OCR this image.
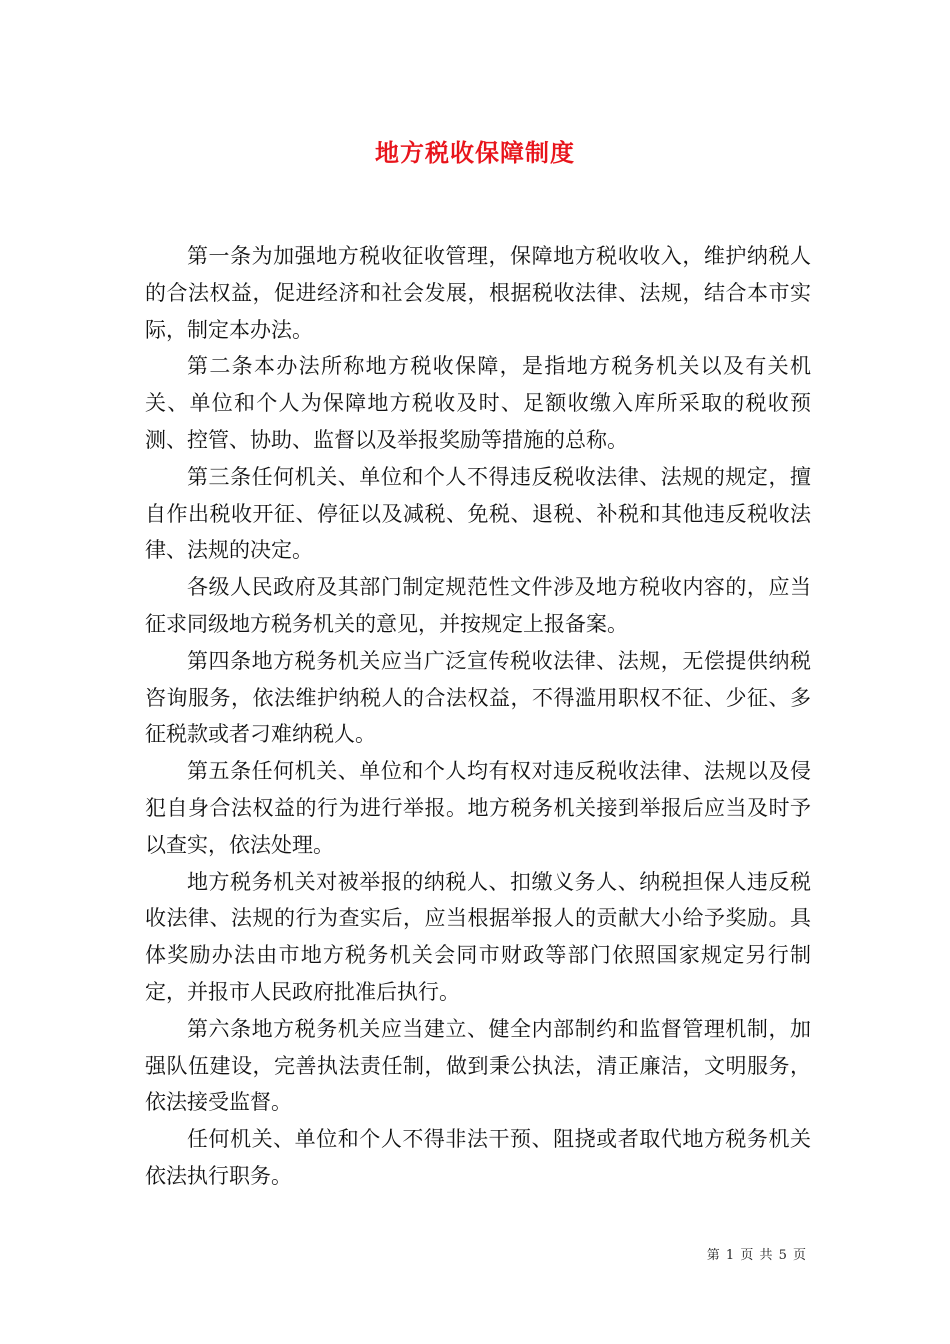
地方税收保障制度

第一条为加强地方税收征收管理，保障地方税收收入，维护纳税人的合法权益，促进经济和社会发展，根据税收法律、法规，结合本市实际，制定本办法。

第二条本办法所称地方税收保障，是指地方税务机关以及有关机关、单位和个人为保障地方税收及时、足额收缴入库所采取的税收预测、控管、协助、监督以及举报奖励等措施的总称。

第三条任何机关、单位和个人不得违反税收法律、法规的规定，擅自作出税收开征、停征以及减税、免税、退税、补税和其他违反税收法律、法规的决定。

各级人民政府及其部门制定规范性文件涉及地方税收内容的，应当征求同级地方税务机关的意见，并按规定上报备案。

第四条地方税务机关应当广泛宣传税收法律、法规，无偿提供纳税咨询服务，依法维护纳税人的合法权益，不得滥用职权不征、少征、多征税款或者刁难纳税人。

第五条任何机关、单位和个人均有权对违反税收法律、法规以及侵犯自身合法权益的行为进行举报。地方税务机关接到举报后应当及时予以查实，依法处理。

地方税务机关对被举报的纳税人、扣缴义务人、纳税担保人违反税收法律、法规的行为查实后，应当根据举报人的贡献大小给予奖励。具体奖励办法由市地方税务机关会同市财政等部门依照国家规定另行制定，并报市人民政府批准后执行。

第六条地方税务机关应当建立、健全内部制约和监督管理机制，加强队伍建设，完善执法责任制，做到秉公执法，清正廉洁，文明服务，依法接受监督。

任何机关、单位和个人不得非法干预、阻挠或者取代地方税务机关依法执行职务。

第 1 页 共 5 页
